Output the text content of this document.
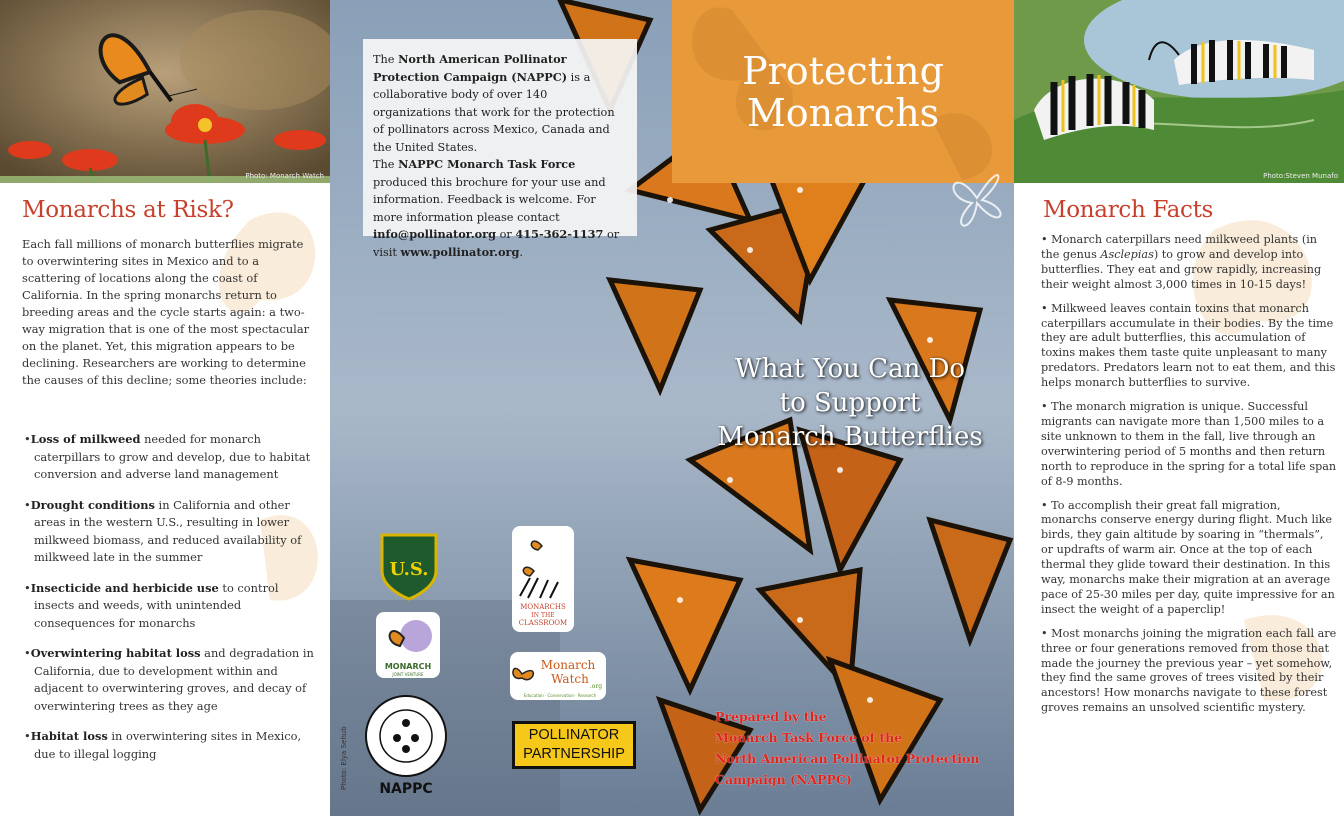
Photo: Monarch Watch
Monarchs at Risk?
Each fall millions of monarch butterflies migrate to overwintering sites in Mexico and to a scattering of locations along the coast of California. In the spring monarchs return to breeding areas and the cycle starts again: a two-way migration that is one of the most spectacular on the planet. Yet, this migration appears to be declining. Researchers are working to determine the causes of this decline; some theories include:
• Loss of milkweed needed for monarch caterpillars to grow and develop, due to habitat conversion and adverse land management
• Drought conditions in California and other areas in the western U.S., resulting in lower milkweed biomass, and reduced availability of milkweed late in the summer
• Insecticide and herbicide use to control insects and weeds, with unintended consequences for monarchs
• Overwintering habitat loss and degradation in California, due to development within and adjacent to overwintering groves, and decay of overwintering trees as they age
• Habitat loss in overwintering sites in Mexico, due to illegal logging
The North American Pollinator Protection Campaign (NAPPC) is a collaborative body of over 140 organizations that work for the protection of pollinators across Mexico, Canada and the United States.
The NAPPC Monarch Task Force produced this brochure for your use and information. Feedback is welcome. For more information please contact info@pollinator.org or 415-362-1137 or visit www.pollinator.org.
Protecting
Monarchs
What You Can Do
to Support
Monarch Butterflies
U.S.
MONARCH
JOINT VENTURE
NAPPC
MONARCHS
IN THE
CLASSROOM
Monarch
Watch
.org
Education · Conservation · Research
POLLINATOR
PARTNERSHIP
Photo: Elya Sehub
Prepared by the
Monarch Task Force of the
North American Pollinator Protection
Campaign (NAPPC)
Photo:Steven Munafo
Monarch Facts

• Monarch caterpillars need milkweed plants (in the genus Asclepias) to grow and develop into butterflies. They eat and grow rapidly, increasing their weight almost 3,000 times in 10-15 days!

• Milkweed leaves contain toxins that monarch caterpillars accumulate in their bodies. By the time they are adult butterflies, this accumulation of toxins makes them taste quite unpleasant to many predators. Predators learn not to eat them, and this helps monarch butterflies to survive.

• The monarch migration is unique. Successful migrants can navigate more than 1,500 miles to a site unknown to them in the fall, live through an overwintering period of 5 months and then return north to reproduce in the spring for a total life span of 8-9 months.

• To accomplish their great fall migration, monarchs conserve energy during flight. Much like birds, they gain altitude by soaring in “thermals”, or updrafts of warm air. Once at the top of each thermal they glide toward their destination. In this way, monarchs make their migration at an average pace of 25-30 miles per day, quite impressive for an insect the weight of a paperclip!

• Most monarchs joining the migration each fall are three or four generations removed from those that made the journey the previous year – yet somehow, they find the same groves of trees visited by their ancestors! How monarchs navigate to these forest groves remains an unsolved scientific mystery.
